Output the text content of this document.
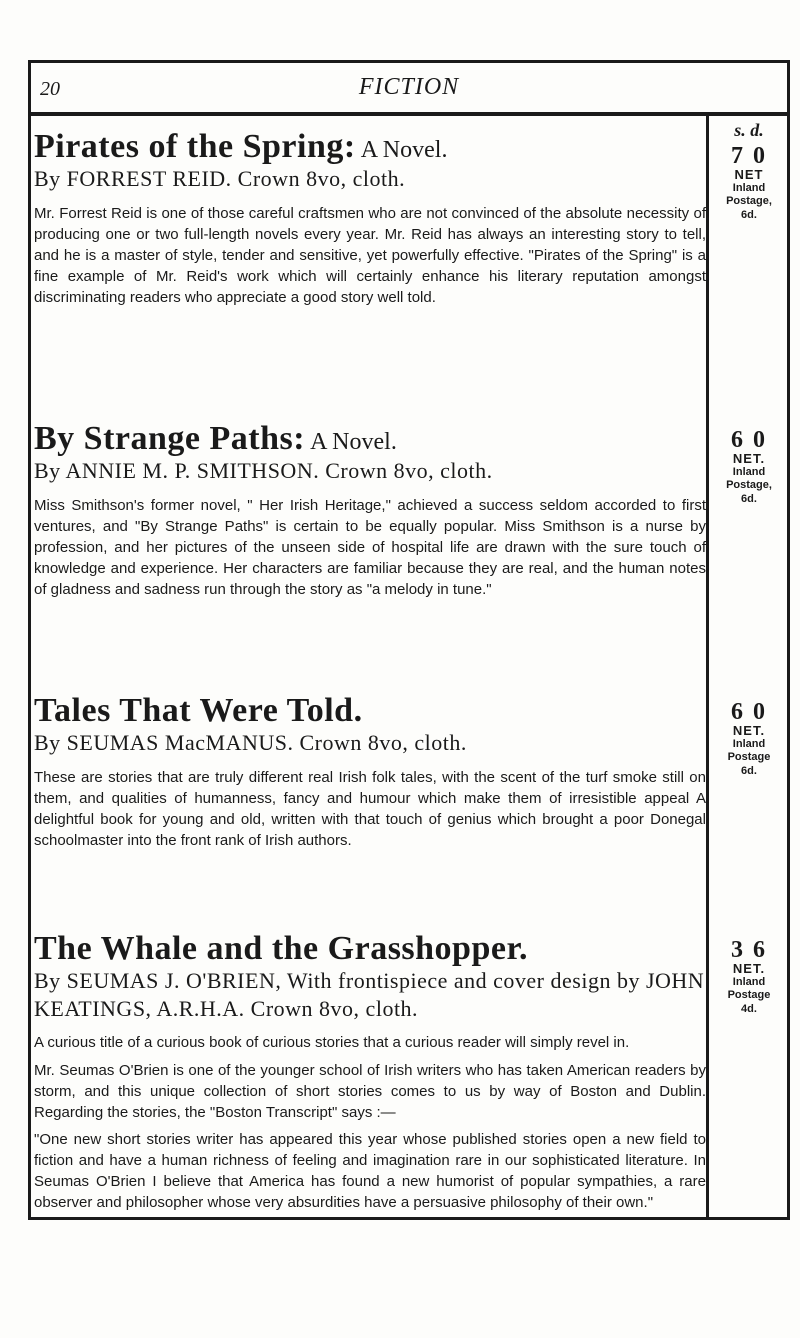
20	FICTION
s. d.
Pirates of the Spring: A Novel.
By FORREST REID. Crown 8vo, cloth.

Mr. Forrest Reid is one of those careful craftsmen who are not convinced of the absolute necessity of producing one or two full-length novels every year. Mr. Reid has always an interesting story to tell, and he is a master of style, tender and sensitive, yet powerfully effective. "Pirates of the Spring" is a fine example of Mr. Reid's work which will certainly enhance his literary reputation amongst discriminating readers who appreciate a good story well told.

7 0
NET
Inland
Postage,
6d.
By Strange Paths: A Novel.
By ANNIE M. P. SMITHSON. Crown 8vo, cloth.

Miss Smithson's former novel, " Her Irish Heritage," achieved a success seldom accorded to first ventures, and "By Strange Paths" is certain to be equally popular. Miss Smithson is a nurse by profession, and her pictures of the unseen side of hospital life are drawn with the sure touch of knowledge and experience. Her characters are familiar because they are real, and the human notes of gladness and sadness run through the story as "a melody in tune."

6 0
NET.
Inland
Postage,
6d.
Tales That Were Told.
By SEUMAS MacMANUS. Crown 8vo, cloth.

These are stories that are truly different real Irish folk tales, with the scent of the turf smoke still on them, and qualities of humanness, fancy and humour which make them of irresistible appeal A delightful book for young and old, written with that touch of genius which brought a poor Donegal schoolmaster into the front rank of Irish authors.

6 0
NET.
Inland
Postage
6d.
The Whale and the Grasshopper.
By SEUMAS J. O'BRIEN, With frontispiece and cover design by JOHN KEATINGS, A.R.H.A. Crown 8vo, cloth.

A curious title of a curious book of curious stories that a curious reader will simply revel in.

Mr. Seumas O'Brien is one of the younger school of Irish writers who has taken American readers by storm, and this unique collection of short stories comes to us by way of Boston and Dublin. Regarding the stories, the "Boston Transcript" says :—

"One new short stories writer has appeared this year whose published stories open a new field to fiction and have a human richness of feeling and imagination rare in our sophisticated literature. In Seumas O'Brien I believe that America has found a new humorist of popular sympathies, a rare observer and philosopher whose very absurdities have a persuasive philosophy of their own."

3 6
NET.
Inland
Postage
4d.
